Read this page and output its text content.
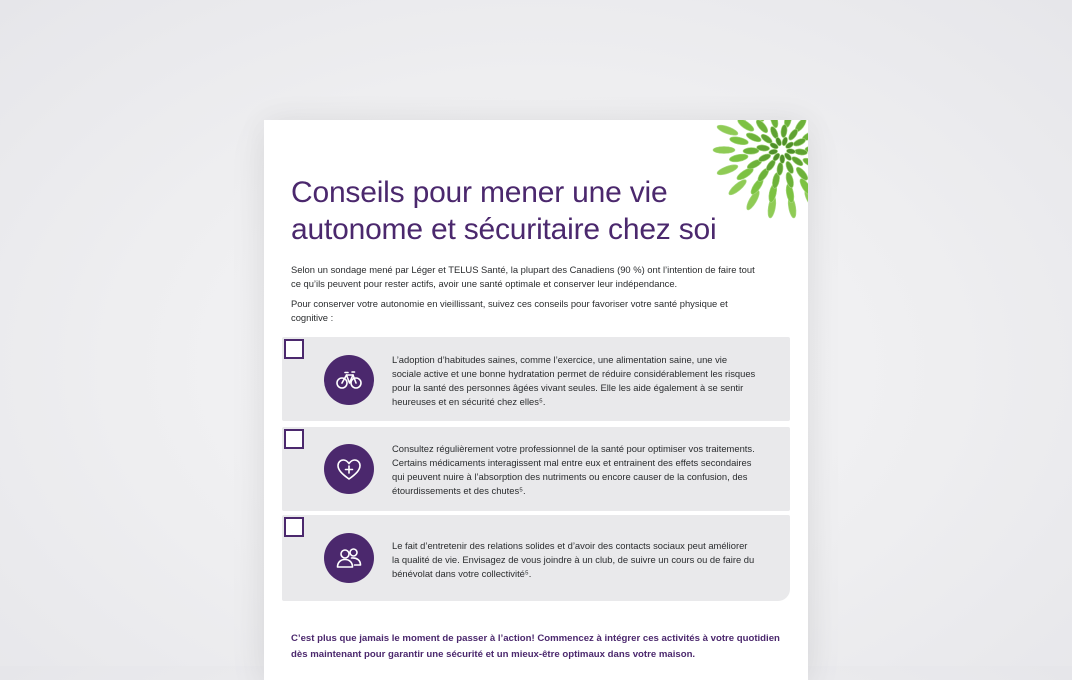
Conseils pour mener une vie autonome et sécuritaire chez soi

Selon un sondage mené par Léger et TELUS Santé, la plupart des Canadiens (90 %) ont l’intention de faire tout ce qu’ils peuvent pour rester actifs, avoir une santé optimale et conserver leur indépendance.

Pour conserver votre autonomie en vieillissant, suivez ces conseils pour favoriser votre santé physique et cognitive :

L’adoption d’habitudes saines, comme l’exercice, une alimentation saine, une vie sociale active et une bonne hydratation permet de réduire considérablement les risques pour la santé des personnes âgées vivant seules. Elle les aide également à se sentir heureuses et en sécurité chez elles⁵.

Consultez régulièrement votre professionnel de la santé pour optimiser vos traitements. Certains médicaments interagissent mal entre eux et entrainent des effets secondaires qui peuvent nuire à l’absorption des nutriments ou encore causer de la confusion, des étourdissements et des chutes⁵.

Le fait d’entretenir des relations solides et d’avoir des contacts sociaux peut améliorer la qualité de vie. Envisagez de vous joindre à un club, de suivre un cours ou de faire du bénévolat dans votre collectivité⁵.

C’est plus que jamais le moment de passer à l’action! Commencez à intégrer ces activités à votre quotidien dès maintenant pour garantir une sécurité et un mieux-être optimaux dans votre maison.
